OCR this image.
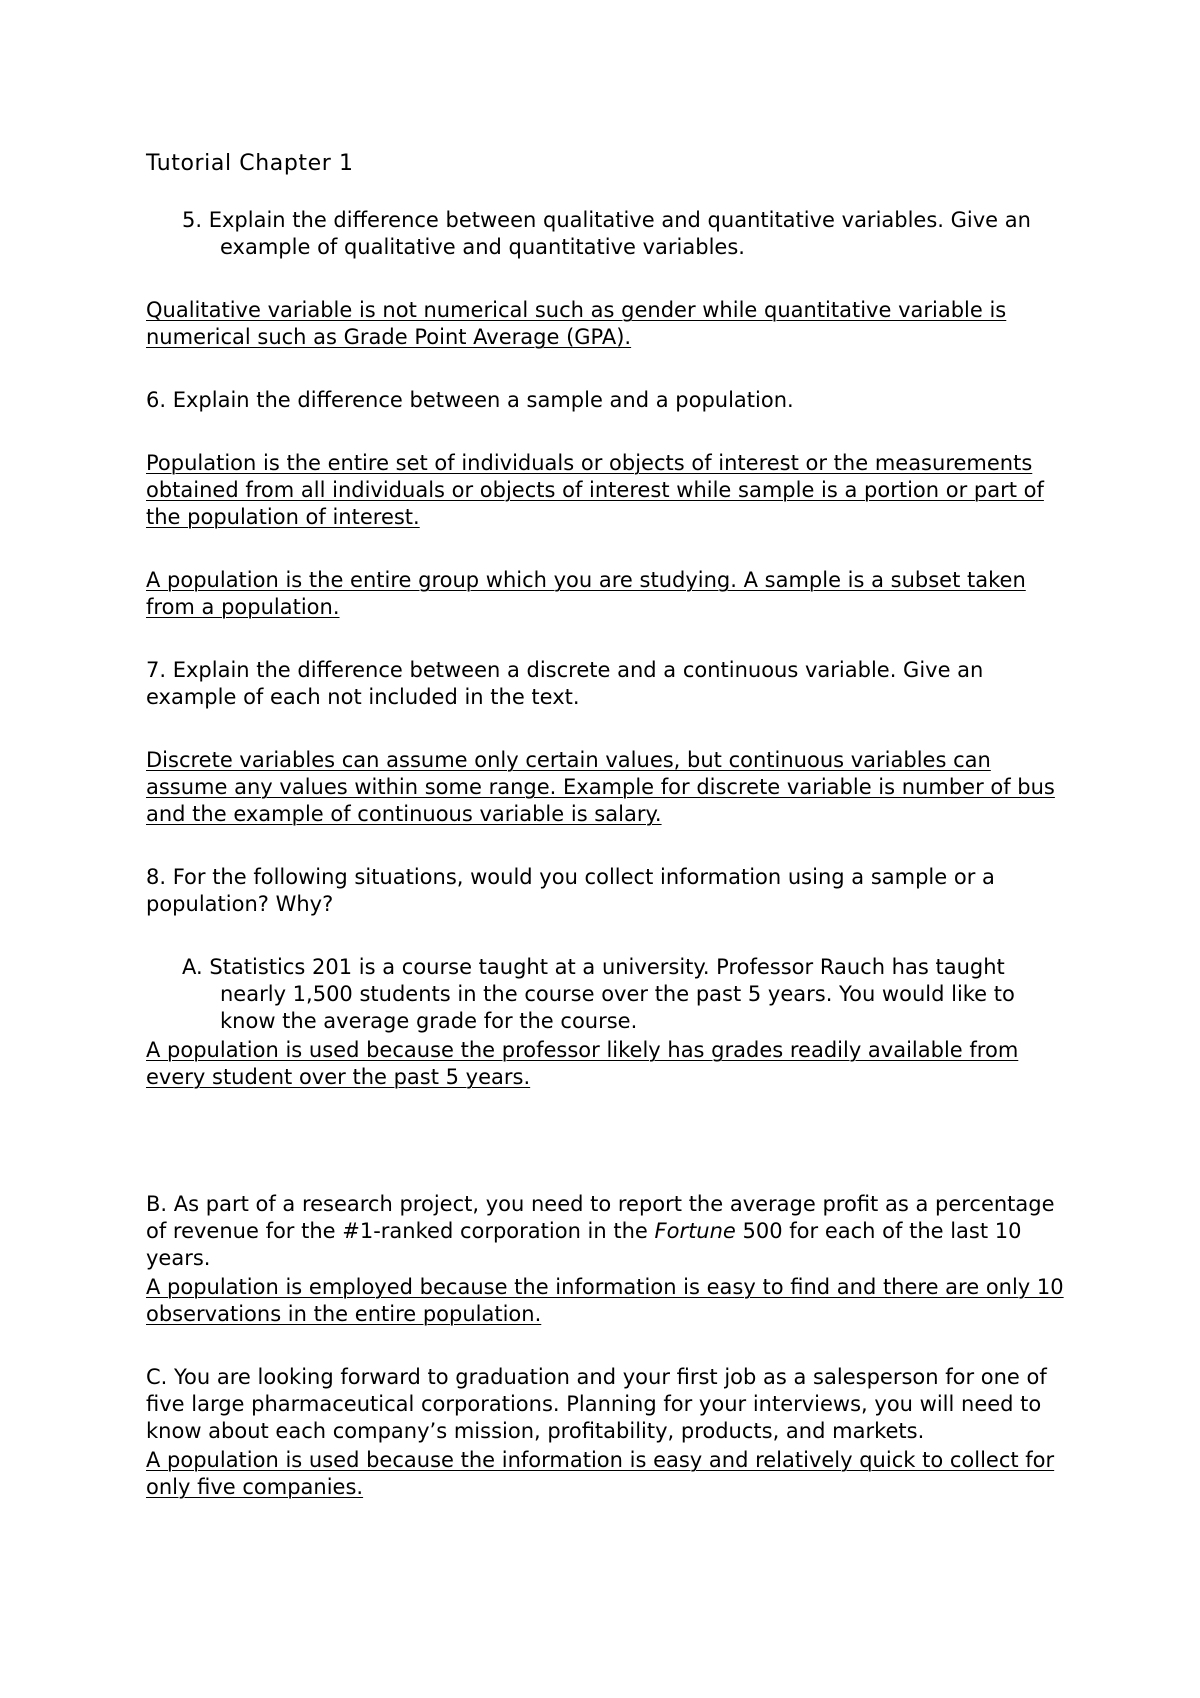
Tutorial Chapter 1

5. Explain the difference between qualitative and quantitative variables. Give an example of qualitative and quantitative variables.

Qualitative variable is not numerical such as gender while quantitative variable is numerical such as Grade Point Average (GPA).

6. Explain the difference between a sample and a population.

Population is the entire set of individuals or objects of interest or the measurements obtained from all individuals or objects of interest while sample is a portion or part of the population of interest.

A population is the entire group which you are studying. A sample is a subset taken from a population.

7. Explain the difference between a discrete and a continuous variable. Give an example of each not included in the text.

Discrete variables can assume only certain values, but continuous variables can assume any values within some range. Example for discrete variable is number of bus and the example of continuous variable is salary.

8. For the following situations, would you collect information using a sample or a population? Why?

A. Statistics 201 is a course taught at a university. Professor Rauch has taught nearly 1,500 students in the course over the past 5 years. You would like to know the average grade for the course.

A population is used because the professor likely has grades readily available from every student over the past 5 years.

B. As part of a research project, you need to report the average profit as a percentage of revenue for the #1-ranked corporation in the Fortune 500 for each of the last 10 years.

A population is employed because the information is easy to find and there are only 10 observations in the entire population.

C. You are looking forward to graduation and your first job as a salesperson for one of five large pharmaceutical corporations. Planning for your interviews, you will need to know about each company’s mission, profitability, products, and markets.

A population is used because the information is easy and relatively quick to collect for only five companies.
